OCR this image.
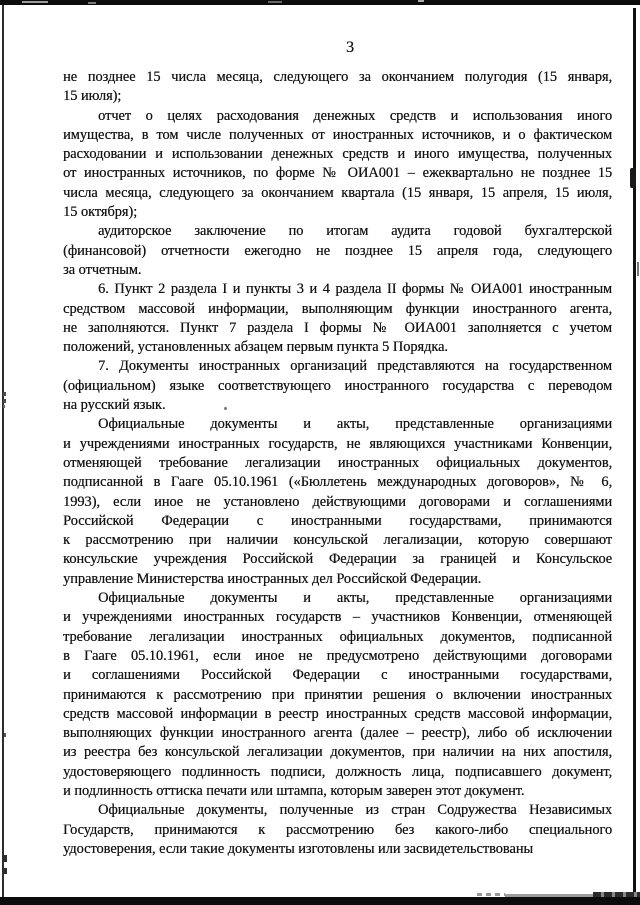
3
не позднее 15 числа месяца, следующего за окончанием полугодия (15 января,
15 июля);
отчет о целях расходования денежных средств и использования иного
имущества, в том числе полученных от иностранных источников, и о фактическом
расходовании и использовании денежных средств и иного имущества, полученных
от иностранных источников, по форме № ОИА001 – ежеквартально не позднее 15
числа месяца, следующего за окончанием квартала (15 января, 15 апреля, 15 июля,
15 октября);
аудиторское заключение по итогам аудита годовой бухгалтерской
(финансовой) отчетности ежегодно не позднее 15 апреля года, следующего
за отчетным.
6. Пункт 2 раздела I и пункты 3 и 4 раздела II формы № ОИА001 иностранным
средством массовой информации, выполняющим функции иностранного агента,
не заполняются. Пункт 7 раздела I формы № ОИА001 заполняется с учетом
положений, установленных абзацем первым пункта 5 Порядка.
7. Документы иностранных организаций представляются на государственном
(официальном) языке соответствующего иностранного государства с переводом
на русский язык.
Официальные документы и акты, представленные организациями
и учреждениями иностранных государств, не являющихся участниками Конвенции,
отменяющей требование легализации иностранных официальных документов,
подписанной в Гааге 05.10.1961 («Бюллетень международных договоров», № 6,
1993), если иное не установлено действующими договорами и соглашениями
Российской Федерации с иностранными государствами, принимаются
к рассмотрению при наличии консульской легализации, которую совершают
консульские учреждения Российской Федерации за границей и Консульское
управление Министерства иностранных дел Российской Федерации.
Официальные документы и акты, представленные организациями
и учреждениями иностранных государств – участников Конвенции, отменяющей
требование легализации иностранных официальных документов, подписанной
в Гааге 05.10.1961, если иное не предусмотрено действующими договорами
и соглашениями Российской Федерации с иностранными государствами,
принимаются к рассмотрению при принятии решения о включении иностранных
средств массовой информации в реестр иностранных средств массовой информации,
выполняющих функции иностранного агента (далее – реестр), либо об исключении
из реестра без консульской легализации документов, при наличии на них апостиля,
удостоверяющего подлинность подписи, должность лица, подписавшего документ,
и подлинность оттиска печати или штампа, которым заверен этот документ.
Официальные документы, полученные из стран Содружества Независимых
Государств, принимаются к рассмотрению без какого-либо специального
удостоверения, если такие документы изготовлены или засвидетельствованы
